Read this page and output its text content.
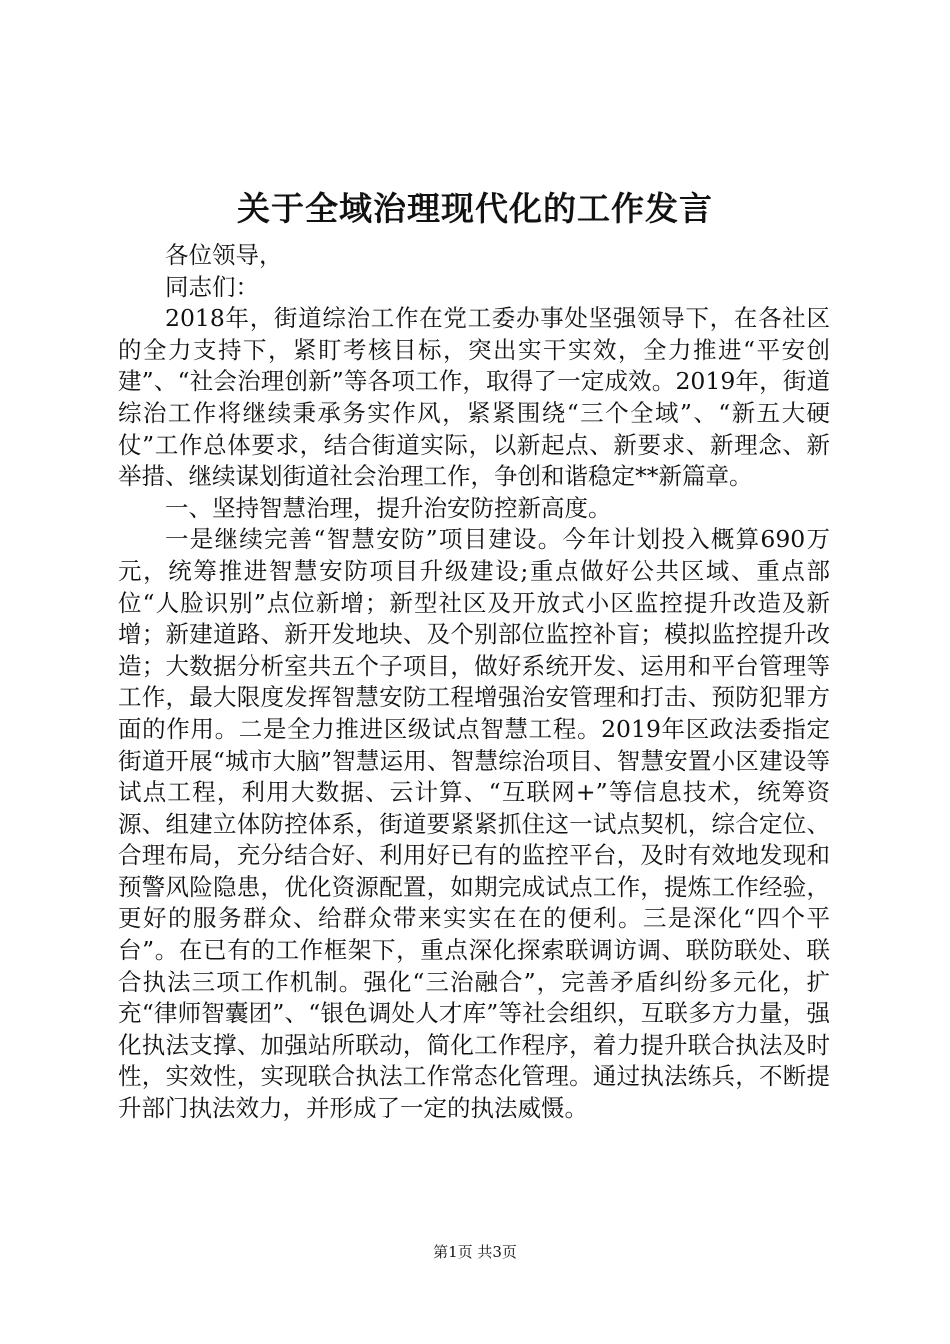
关于全域治理现代化的工作发言

各位领导，

同志们：

2018年，街道综治工作在党工委办事处坚强领导下，在各社区的全力支持下，紧盯考核目标，突出实干实效，全力推进“平安创建”、“社会治理创新”等各项工作，取得了一定成效。2019年，街道综治工作将继续秉承务实作风，紧紧围绕“三个全域”、“新五大硬仗”工作总体要求，结合街道实际，以新起点、新要求、新理念、新举措、继续谋划街道社会治理工作，争创和谐稳定**新篇章。

一、坚持智慧治理，提升治安防控新高度。

一是继续完善“智慧安防”项目建设。今年计划投入概算690万元，统筹推进智慧安防项目升级建设;重点做好公共区域、重点部位“人脸识别”点位新增；新型社区及开放式小区监控提升改造及新增；新建道路、新开发地块、及个别部位监控补盲；模拟监控提升改造；大数据分析室共五个子项目，做好系统开发、运用和平台管理等工作，最大限度发挥智慧安防工程增强治安管理和打击、预防犯罪方面的作用。二是全力推进区级试点智慧工程。2019年区政法委指定街道开展“城市大脑”智慧运用、智慧综治项目、智慧安置小区建设等试点工程，利用大数据、云计算、“互联网+”等信息技术，统筹资源、组建立体防控体系，街道要紧紧抓住这一试点契机，综合定位、合理布局，充分结合好、利用好已有的监控平台，及时有效地发现和预警风险隐患，优化资源配置，如期完成试点工作，提炼工作经验，更好的服务群众、给群众带来实实在在的便利。三是深化“四个平台”。在已有的工作框架下，重点深化探索联调访调、联防联处、联合执法三项工作机制。强化“三治融合”，完善矛盾纠纷多元化，扩充“律师智囊团”、“银色调处人才库”等社会组织，互联多方力量，强化执法支撑、加强站所联动，简化工作程序，着力提升联合执法及时性，实效性，实现联合执法工作常态化管理。通过执法练兵，不断提升部门执法效力，并形成了一定的执法威慑。

第1页 共3页
